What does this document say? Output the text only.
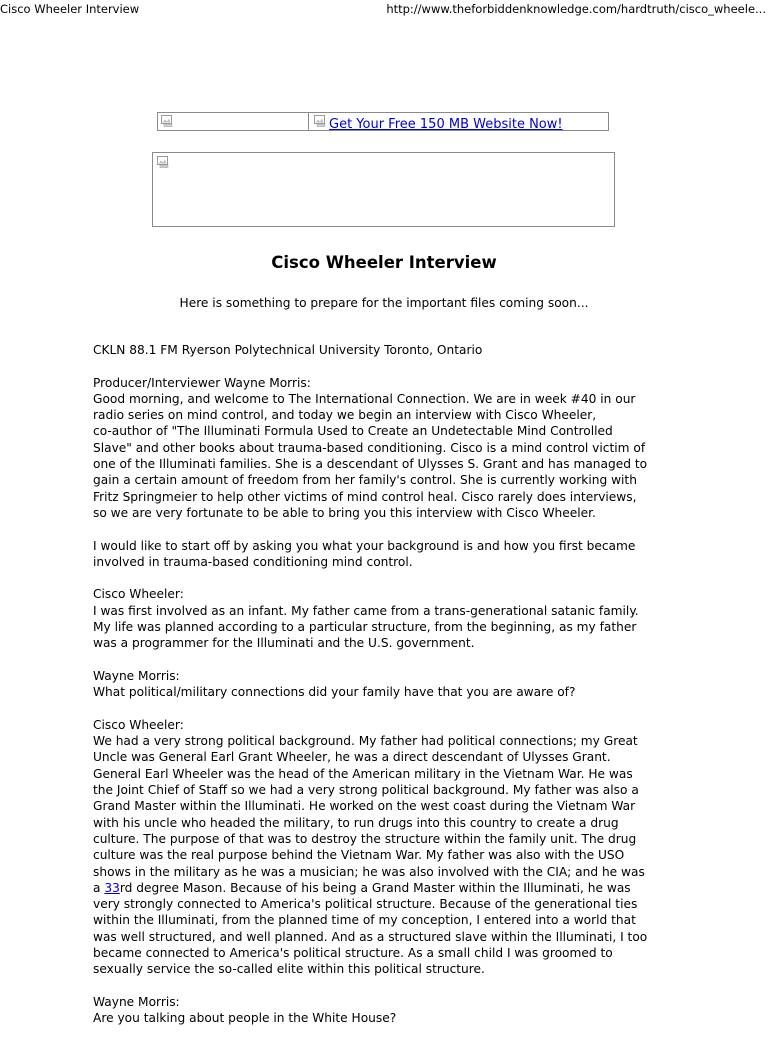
Cisco Wheeler Interview	http://www.theforbiddenknowledge.com/hardtruth/cisco_wheele...
Get Your Free 150 MB Website Now!
Cisco Wheeler Interview
Here is something to prepare for the important files coming soon...
CKLN 88.1 FM Ryerson Polytechnical University Toronto, Ontario
Producer/Interviewer Wayne Morris:
Good morning, and welcome to The International Connection. We are in week #40 in our
radio series on mind control, and today we begin an interview with Cisco Wheeler,
co-author of "The Illuminati Formula Used to Create an Undetectable Mind Controlled
Slave" and other books about trauma-based conditioning. Cisco is a mind control victim of
one of the Illuminati families. She is a descendant of Ulysses S. Grant and has managed to
gain a certain amount of freedom from her family's control. She is currently working with
Fritz Springmeier to help other victims of mind control heal. Cisco rarely does interviews,
so we are very fortunate to be able to bring you this interview with Cisco Wheeler.
I would like to start off by asking you what your background is and how you first became
involved in trauma-based conditioning mind control.
Cisco Wheeler:
I was first involved as an infant. My father came from a trans-generational satanic family.
My life was planned according to a particular structure, from the beginning, as my father
was a programmer for the Illuminati and the U.S. government.
Wayne Morris:
What political/military connections did your family have that you are aware of?
Cisco Wheeler:
We had a very strong political background. My father had political connections; my Great
Uncle was General Earl Grant Wheeler, he was a direct descendant of Ulysses Grant.
General Earl Wheeler was the head of the American military in the Vietnam War. He was
the Joint Chief of Staff so we had a very strong political background. My father was also a
Grand Master within the Illuminati. He worked on the west coast during the Vietnam War
with his uncle who headed the military, to run drugs into this country to create a drug
culture. The purpose of that was to destroy the structure within the family unit. The drug
culture was the real purpose behind the Vietnam War. My father was also with the USO
shows in the military as he was a musician; he was also involved with the CIA; and he was
a 33rd degree Mason. Because of his being a Grand Master within the Illuminati, he was
very strongly connected to America's political structure. Because of the generational ties
within the Illuminati, from the planned time of my conception, I entered into a world that
was well structured, and well planned. And as a structured slave within the Illuminati, I too
became connected to America's political structure. As a small child I was groomed to
sexually service the so-called elite within this political structure.
Wayne Morris:
Are you talking about people in the White House?
